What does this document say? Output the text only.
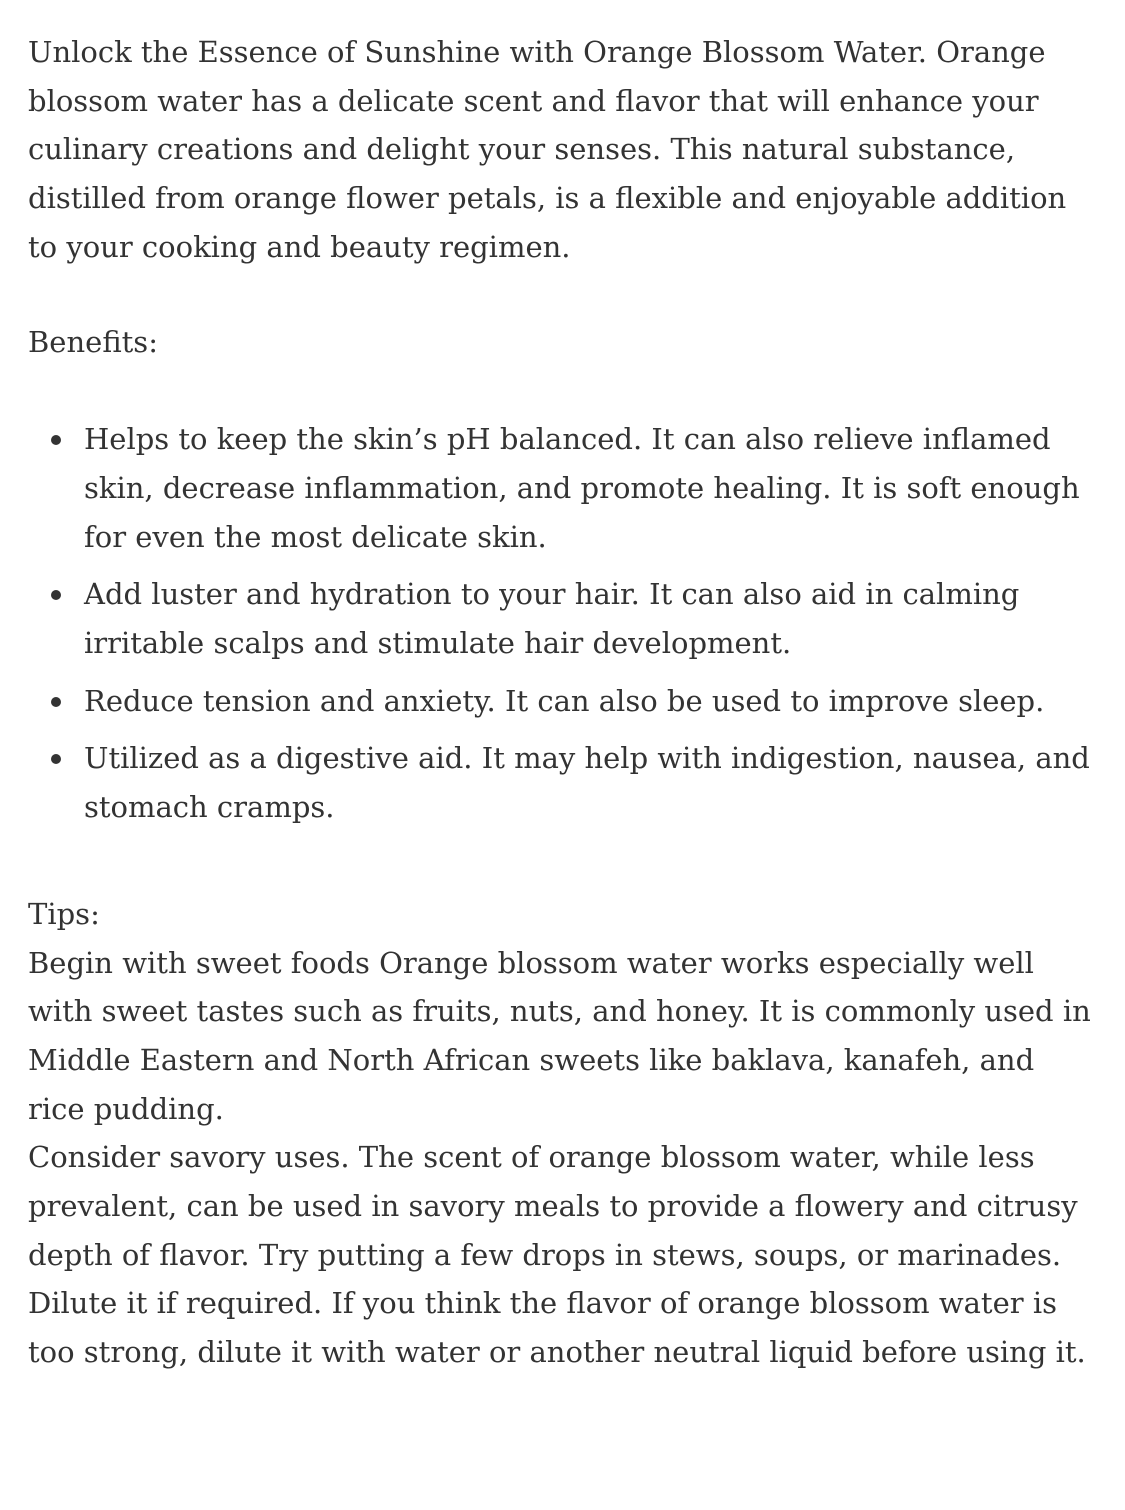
Unlock the Essence of Sunshine with Orange Blossom Water. Orange blossom water has a delicate scent and flavor that will enhance your culinary creations and delight your senses. This natural substance, distilled from orange flower petals, is a flexible and enjoyable addition to your cooking and beauty regimen.

Benefits:

Helps to keep the skin’s pH balanced. It can also relieve inflamed skin, decrease inflammation, and promote healing. It is soft enough for even the most delicate skin.
Add luster and hydration to your hair. It can also aid in calming irritable scalps and stimulate hair development.
Reduce tension and anxiety. It can also be used to improve sleep.
Utilized as a digestive aid. It may help with indigestion, nausea, and stomach cramps.

Tips:

Begin with sweet foods Orange blossom water works especially well with sweet tastes such as fruits, nuts, and honey. It is commonly used in Middle Eastern and North African sweets like baklava, kanafeh, and rice pudding.

Consider savory uses. The scent of orange blossom water, while less prevalent, can be used in savory meals to provide a flowery and citrusy depth of flavor. Try putting a few drops in stews, soups, or marinades.

Dilute it if required. If you think the flavor of orange blossom water is too strong, dilute it with water or another neutral liquid before using it.
